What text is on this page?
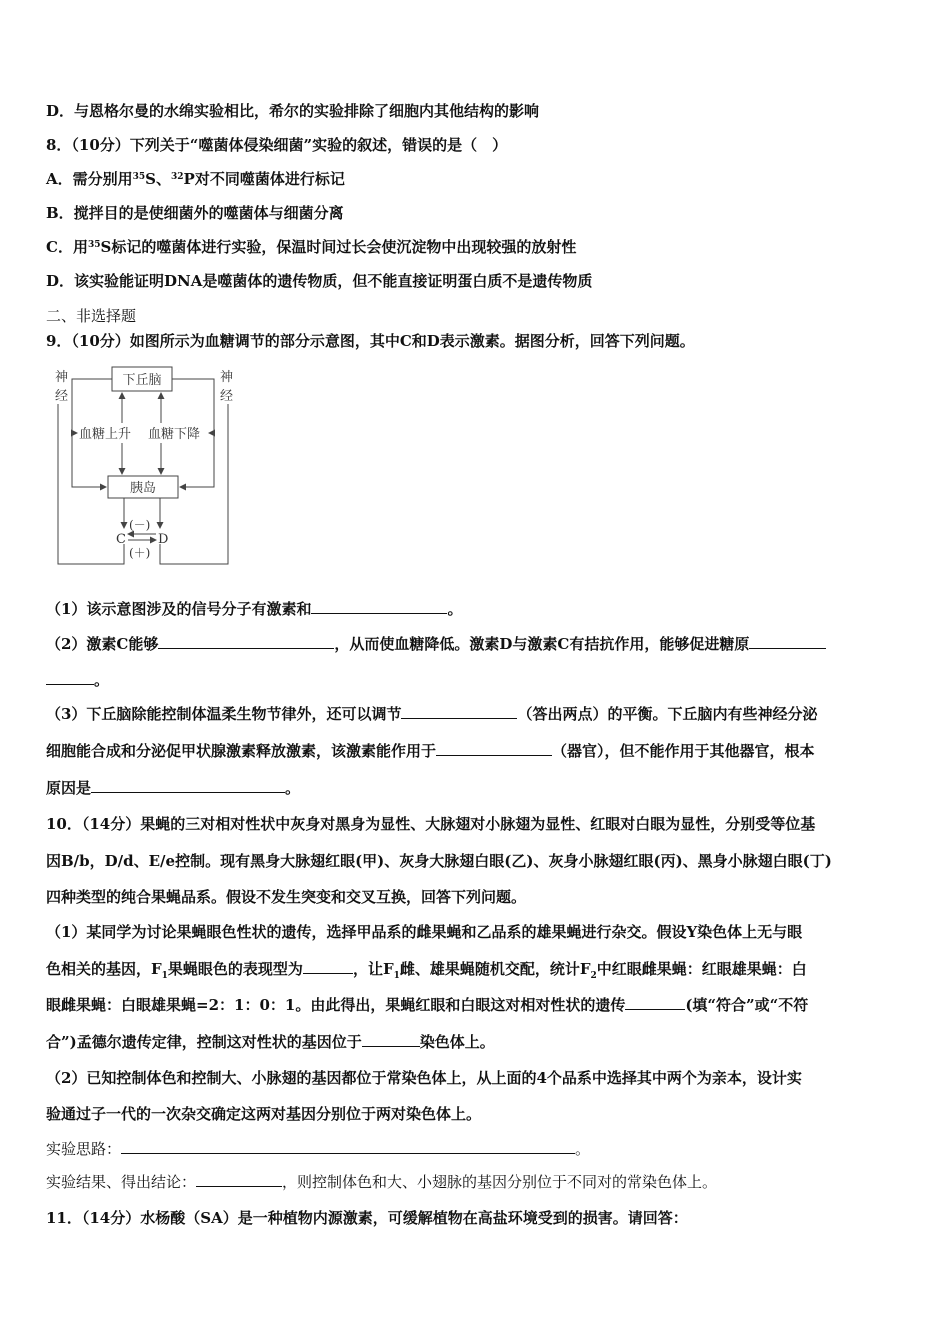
D．与恩格尔曼的水绵实验相比，希尔的实验排除了细胞内其他结构的影响
8．（10分）下列关于“噬菌体侵染细菌”实验的叙述，错误的是（　）
A．需分别用$^{35}$S、$^{32}$P对不同噬菌体进行标记
B．搅拌目的是使细菌外的噬菌体与细菌分离
C．用$^{35}$S标记的噬菌体进行实验，保温时间过长会使沉淀物中出现较强的放射性
D．该实验能证明DNA是噬菌体的遗传物质，但不能直接证明蛋白质不是遗传物质
二、非选择题
9．（10分）如图所示为血糖调节的部分示意图，其中C和D表示激素。据图分析，回答下列问题。
下丘脑
胰岛
神
经
神
经
血糖上升 血糖下降
(－)
C D
(＋)
（1）该示意图涉及的信号分子有激素和	。
（2）激素C能够	，从而使血糖降低。激素D与激素C有拮抗作用，能够促进糖原
。
（3）下丘脑除能控制体温柔生物节律外，还可以调节	（答出两点）的平衡。下丘脑内有些神经分泌
细胞能合成和分泌促甲状腺激素释放激素，该激素能作用于	（器官），但不能作用于其他器官，根本
原因是	。
10．（14分）果蝇的三对相对性状中灰身对黑身为显性、大脉翅对小脉翅为显性、红眼对白眼为显性，分别受等位基
因B/b，D/d、E/e控制。现有黑身大脉翅红眼(甲)、灰身大脉翅白眼(乙)、灰身小脉翅红眼(丙)、黑身小脉翅白眼(丁)
四种类型的纯合果蝇品系。假设不发生突变和交叉互换，回答下列问题。
（1）某同学为讨论果蝇眼色性状的遗传，选择甲品系的雌果蝇和乙品系的雄果蝇进行杂交。假设Y染色体上无与眼
色相关的基因，$F_1$果蝇眼色的表现型为	，让$F_1$雌、雄果蝇随机交配，统计$F_2$中红眼雌果蝇：红眼雄果蝇：白
眼雌果蝇：白眼雄果蝇=2：1：0：1。由此得出，果蝇红眼和白眼这对相对性状的遗传	(填“符合”或“不符
合”)孟德尔遗传定律，控制这对性状的基因位于	染色体上。
（2）已知控制体色和控制大、小脉翅的基因都位于常染色体上，从上面的4个品系中选择其中两个为亲本，设计实
验通过子一代的一次杂交确定这两对基因分别位于两对染色体上。
实验思路：	。
实验结果、得出结论：	，则控制体色和大、小翅脉的基因分别位于不同对的常染色体上。
11．（14分）水杨酸（SA）是一种植物内源激素，可缓解植物在高盐环境受到的损害。请回答：
